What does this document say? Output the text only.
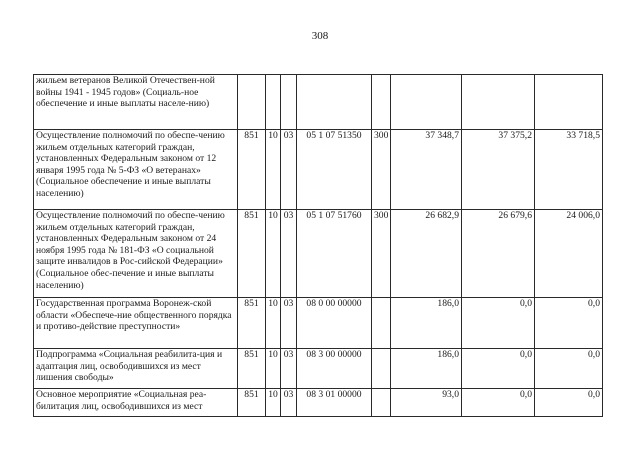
308
жильем ветеранов Великой Отечествен-ной войны 1941 - 1945 годов» (Социаль-ное обеспечение и иные выплаты населе-нию)								
Осуществление полномочий по обеспе-чению жильем отдельных категорий граждан, установленных Федеральным законом от 12 января 1995 года № 5-ФЗ «О ветеранах» (Социальное обеспечение и иные выплаты населению)	851	10	03	05 1 07 51350	300	37 348,7	37 375,2	33 718,5
Осуществление полномочий по обеспе-чению жильем отдельных категорий граждан, установленных Федеральным законом от 24 ноября 1995 года № 181-ФЗ «О социальной защите инвалидов в Рос-сийской Федерации» (Социальное обес-печение и иные выплаты населению)	851	10	03	05 1 07 51760	300	26 682,9	26 679,6	24 006,0
Государственная программа Воронеж-ской области «Обеспече-ние общественного порядка и противо-действие преступности»	851	10	03	08 0 00 00000		186,0	0,0	0,0
Подпрограмма «Социальная реабилита-ция и адаптация лиц, освободившихся из мест лишения свободы»	851	10	03	08 3 00 00000		186,0	0,0	0,0
Основное мероприятие «Социальная реа-билитация лиц, освободившихся из мест	851	10	03	08 3 01 00000		93,0	0,0	0,0
